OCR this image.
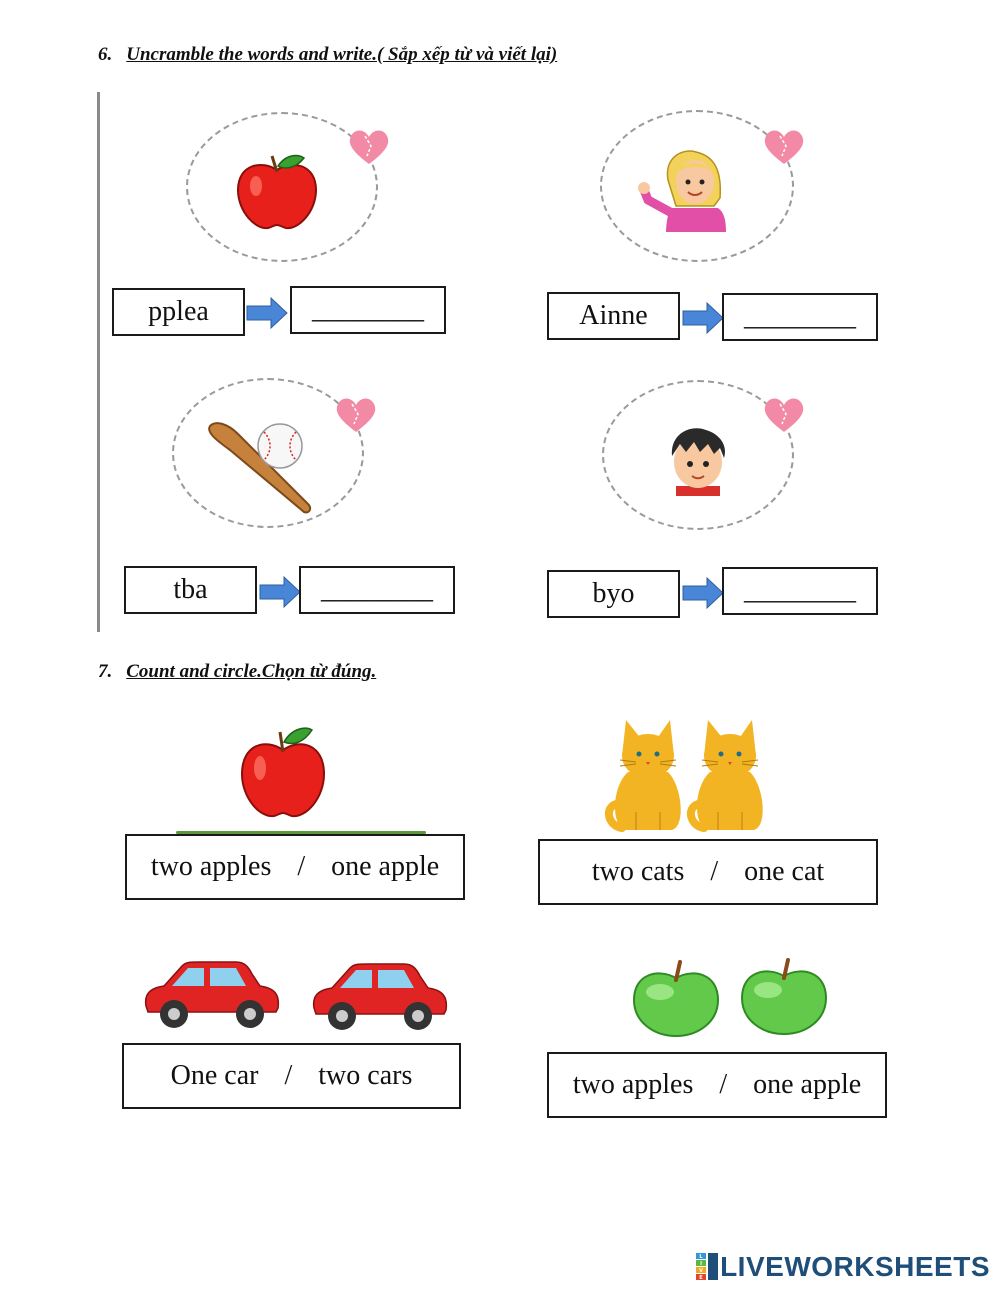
6. Uncramble the words and write.( Sắp xếp từ và viết lại)
pplea	________	Ainne	________
tba	________	byo	________
7. Count and circle.Chọn từ đúng.
two apples / one apple	two cats / one cat
One car / two cars	two apples / one apple
L
I
V
E LIVEWORKSHEETS
